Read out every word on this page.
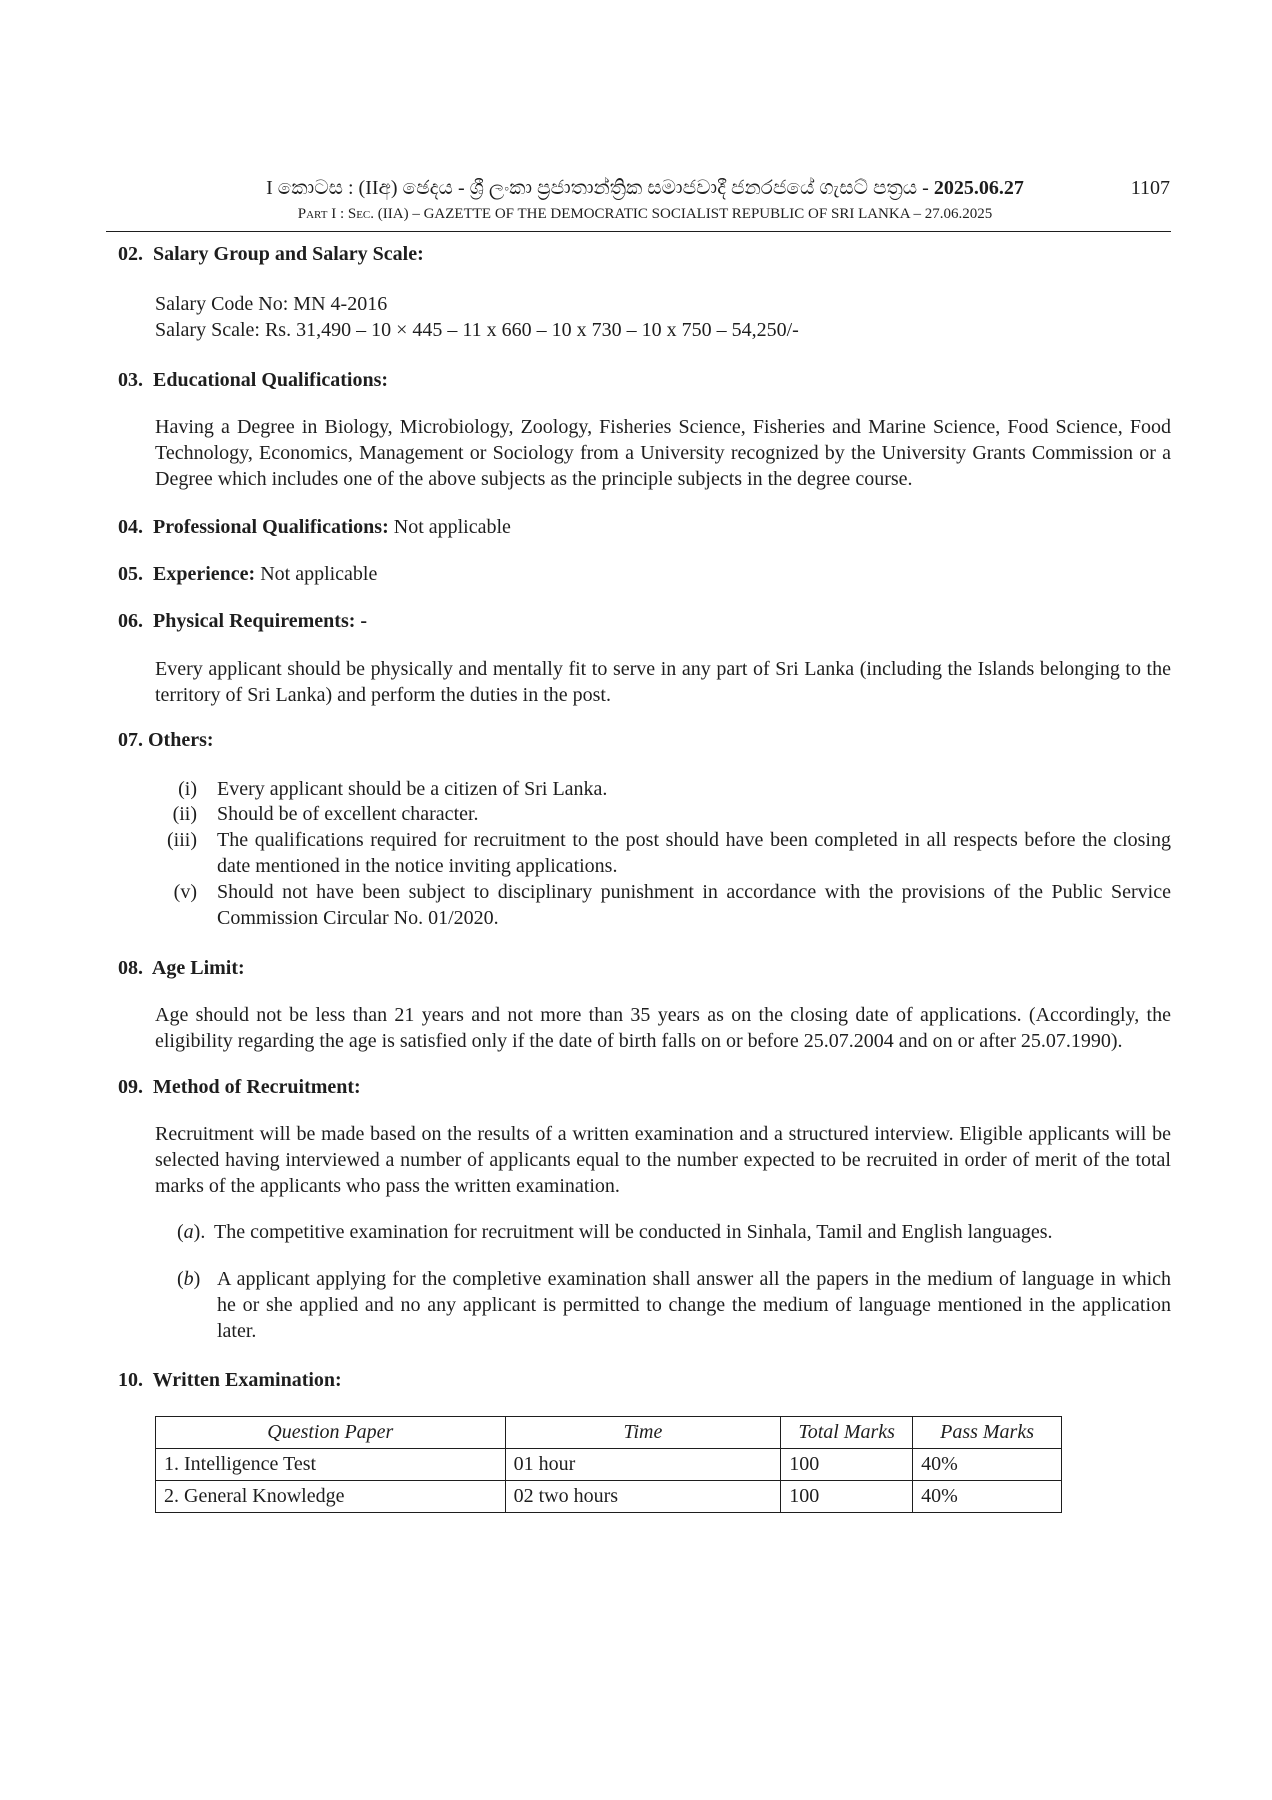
I කොටස : (IIඅ) ඡෙදය - ශ්‍රී ලංකා ප්‍රජාතාන්ත්‍රික සමාජවාදී ජනරජයේ ගැසට් පත්‍රය - 2025.06.27	1107
Part I : Sec. (IIA) – GAZETTE OF THE DEMOCRATIC SOCIALIST REPUBLIC OF SRI LANKA – 27.06.2025
02. Salary Group and Salary Scale:
Salary Code No: MN 4-2016
Salary Scale: Rs. 31,490 – 10 × 445 – 11 x 660 – 10 x 730 – 10 x 750 – 54,250/-
03. Educational Qualifications:
Having a Degree in Biology, Microbiology, Zoology, Fisheries Science, Fisheries and Marine Science, Food Science, Food Technology, Economics, Management or Sociology from a University recognized by the University Grants Commission or a Degree which includes one of the above subjects as the principle subjects in the degree course.
04. Professional Qualifications: Not applicable
05. Experience: Not applicable
06. Physical Requirements: -
Every applicant should be physically and mentally fit to serve in any part of Sri Lanka (including the Islands belonging to the territory of Sri Lanka) and perform the duties in the post.
07. Others:
(i) Every applicant should be a citizen of Sri Lanka.
(ii) Should be of excellent character.
(iii) The qualifications required for recruitment to the post should have been completed in all respects before the closing date mentioned in the notice inviting applications.
(v) Should not have been subject to disciplinary punishment in accordance with the provisions of the Public Service Commission Circular No. 01/2020.
08. Age Limit:
Age should not be less than 21 years and not more than 35 years as on the closing date of applications. (Accordingly, the eligibility regarding the age is satisfied only if the date of birth falls on or before 25.07.2004 and on or after 25.07.1990).
09. Method of Recruitment:
Recruitment will be made based on the results of a written examination and a structured interview. Eligible applicants will be selected having interviewed a number of applicants equal to the number expected to be recruited in order of merit of the total marks of the applicants who pass the written examination.
(a). The competitive examination for recruitment will be conducted in Sinhala, Tamil and English languages.
(b) A applicant applying for the completive examination shall answer all the papers in the medium of language in which he or she applied and no any applicant is permitted to change the medium of language mentioned in the application later.
10. Written Examination:
Question Paper	Time	Total Marks	Pass Marks
1. Intelligence Test	01 hour	100	40%
2. General Knowledge	02 two hours	100	40%
